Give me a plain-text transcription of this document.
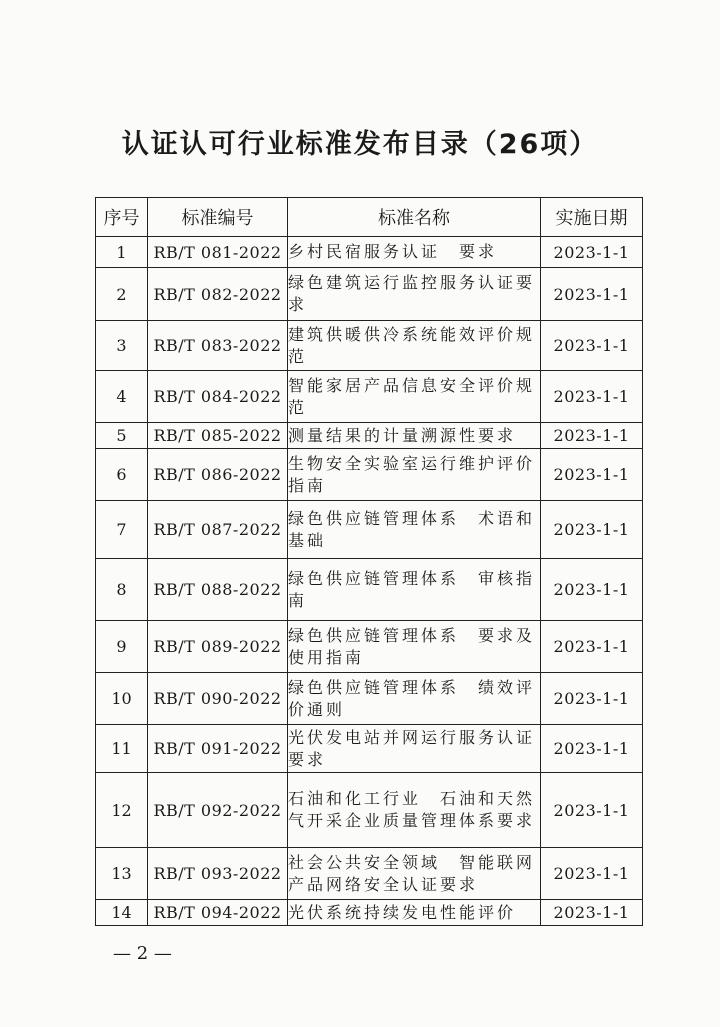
认证认可行业标准发布目录（26项）
序号	标准编号	标准名称	实施日期
1	RB/T 081-2022	乡村民宿服务认证　要求	2023-1-1
2	RB/T 082-2022	绿色建筑运行监控服务认证要求	2023-1-1
3	RB/T 083-2022	建筑供暖供冷系统能效评价规范	2023-1-1
4	RB/T 084-2022	智能家居产品信息安全评价规范	2023-1-1
5	RB/T 085-2022	测量结果的计量溯源性要求	2023-1-1
6	RB/T 086-2022	生物安全实验室运行维护评价指南	2023-1-1
7	RB/T 087-2022	绿色供应链管理体系　术语和基础	2023-1-1
8	RB/T 088-2022	绿色供应链管理体系　审核指南	2023-1-1
9	RB/T 089-2022	绿色供应链管理体系　要求及使用指南	2023-1-1
10	RB/T 090-2022	绿色供应链管理体系　绩效评价通则	2023-1-1
11	RB/T 091-2022	光伏发电站并网运行服务认证要求	2023-1-1
12	RB/T 092-2022	石油和化工行业　石油和天然气开采企业质量管理体系要求	2023-1-1
13	RB/T 093-2022	社会公共安全领域　智能联网产品网络安全认证要求	2023-1-1
14	RB/T 094-2022	光伏系统持续发电性能评价	2023-1-1
— 2 —
